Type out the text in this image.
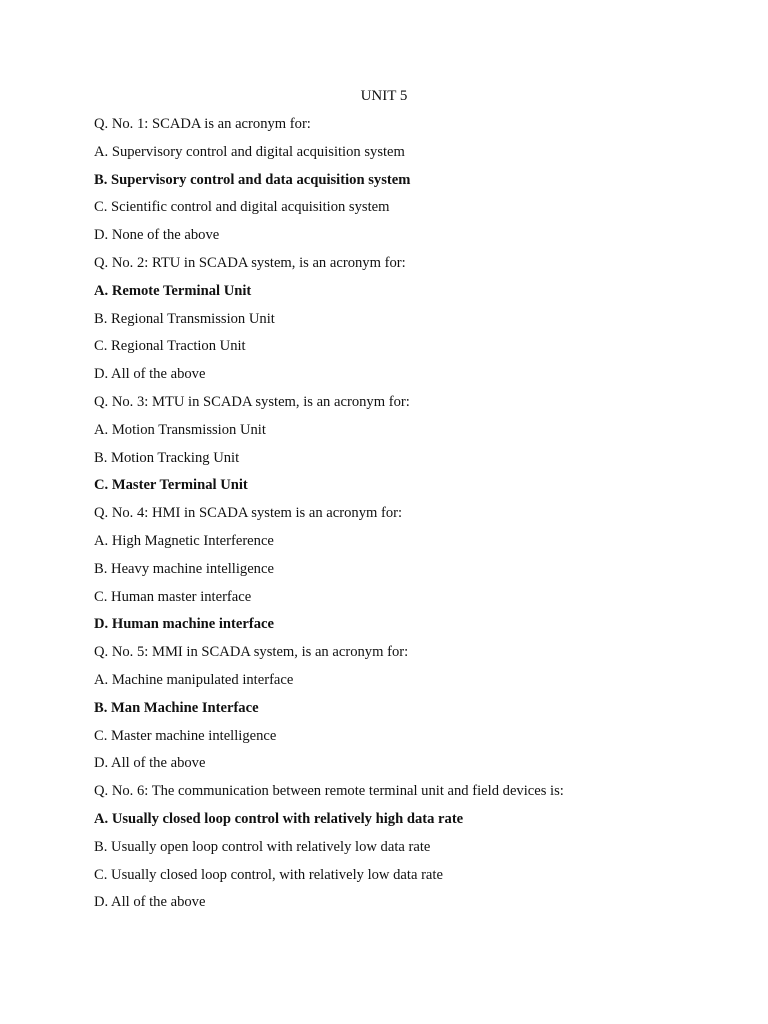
UNIT 5
Q. No. 1: SCADA is an acronym for:
A. Supervisory control and digital acquisition system
B. Supervisory control and data acquisition system
C. Scientific control and digital acquisition system
D. None of the above
Q. No. 2: RTU in SCADA system, is an acronym for:
A. Remote Terminal Unit
B. Regional Transmission Unit
C. Regional Traction Unit
D. All of the above
Q. No. 3: MTU in SCADA system, is an acronym for:
A. Motion Transmission Unit
B. Motion Tracking Unit
C. Master Terminal Unit
Q. No. 4: HMI in SCADA system is an acronym for:
A. High Magnetic Interference
B. Heavy machine intelligence
C. Human master interface
D. Human machine interface
Q. No. 5: MMI in SCADA system, is an acronym for:
A. Machine manipulated interface
B. Man Machine Interface
C. Master machine intelligence
D. All of the above
Q. No. 6: The communication between remote terminal unit and field devices is:
A. Usually closed loop control with relatively high data rate
B. Usually open loop control with relatively low data rate
C. Usually closed loop control, with relatively low data rate
D. All of the above
